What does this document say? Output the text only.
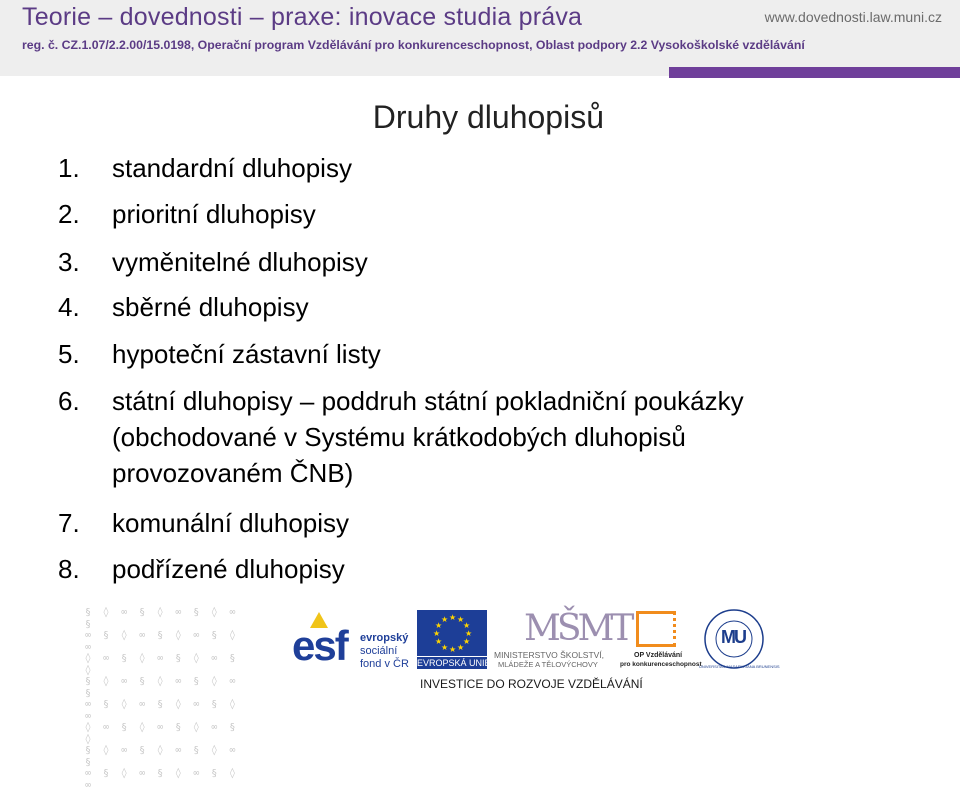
Teorie – dovednosti – praxe: inovace studia práva	www.dovednosti.law.muni.cz
reg. č. CZ.1.07/2.2.00/15.0198, Operační program Vzdělávání pro konkurenceschopnost, Oblast podpory 2.2 Vysokoškolské vzdělávání
Druhy dluhopisů
1.	standardní dluhopisy
2.	prioritní dluhopisy
3.	vyměnitelné dluhopisy
4.	sběrné dluhopisy
5.	hypoteční zástavní listy
6.	státní dluhopisy – poddruh státní pokladniční poukázky
(obchodované v Systému krátkodobých dluhopisů
provozovaném ČNB)
7.	komunální dluhopisy
8.	podřízené dluhopisy
§ ◊ ∞ § ◊ ∞ § ◊ ∞ §
∞ § ◊ ∞ § ◊ ∞ § ◊ ∞
◊ ∞ § ◊ ∞ § ◊ ∞ § ◊
§ ◊ ∞ § ◊ ∞ § ◊ ∞ §
∞ § ◊ ∞ § ◊ ∞ § ◊ ∞
◊ ∞ § ◊ ∞ § ◊ ∞ § ◊
§ ◊ ∞ § ◊ ∞ § ◊ ∞ §
∞ § ◊ ∞ § ◊ ∞ § ◊ ∞
esf evropský
sociální
fond v ČR
★ ★
★
★
★
★
★
★
★
★
★
★
EVROPSKÁ UNIE
MŠMT
MINISTERSTVO ŠKOLSTVÍ,
MLÁDEŽE A TĚLOVÝCHOVY
OP Vzdělávání
pro konkurenceschopnost
MU
UNIVERSITAS MASARYKIANA BRUNENSIS
INVESTICE DO ROZVOJE VZDĚLÁVÁNÍ
